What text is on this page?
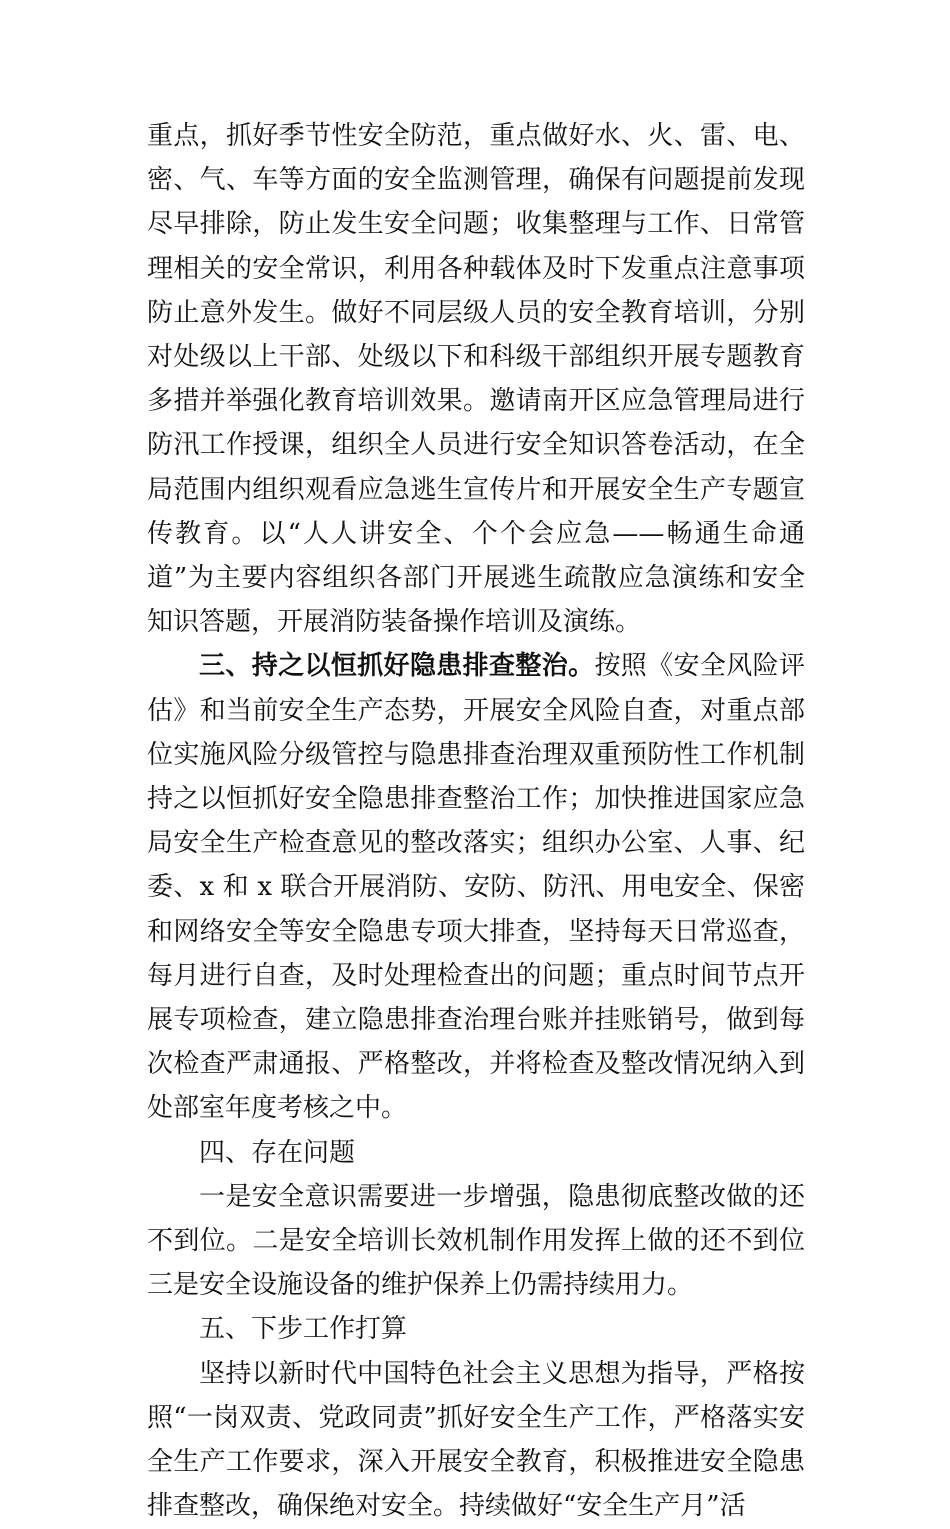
重点，抓好季节性安全防范，重点做好水、火、雷、电、密、气、车等方面的安全监测管理，确保有问题提前发现尽早排除，防止发生安全问题；收集整理与工作、日常管理相关的安全常识，利用各种载体及时下发重点注意事项防止意外发生。做好不同层级人员的安全教育培训，分别对处级以上干部、处级以下和科级干部组织开展专题教育多措并举强化教育培训效果。邀请南开区应急管理局进行防汛工作授课，组织全人员进行安全知识答卷活动，在全局范围内组织观看应急逃生宣传片和开展安全生产专题宣传教育。以“人人讲安全、个个会应急——畅通生命通道”为主要内容组织各部门开展逃生疏散应急演练和安全知识答题，开展消防装备操作培训及演练。

三、持之以恒抓好隐患排查整治。按照《安全风险评估》和当前安全生产态势，开展安全风险自查，对重点部位实施风险分级管控与隐患排查治理双重预防性工作机制持之以恒抓好安全隐患排查整治工作；加快推进国家应急局安全生产检查意见的整改落实；组织办公室、人事、纪委、x 和 x 联合开展消防、安防、防汛、用电安全、保密和网络安全等安全隐患专项大排查，坚持每天日常巡查，每月进行自查，及时处理检查出的问题；重点时间节点开展专项检查，建立隐患排查治理台账并挂账销号，做到每次检查严肃通报、严格整改，并将检查及整改情况纳入到处部室年度考核之中。

四、存在问题

一是安全意识需要进一步增强，隐患彻底整改做的还不到位。二是安全培训长效机制作用发挥上做的还不到位三是安全设施设备的维护保养上仍需持续用力。

五、下步工作打算

坚持以新时代中国特色社会主义思想为指导，严格按照“一岗双责、党政同责”抓好安全生产工作，严格落实安全生产工作要求，深入开展安全教育，积极推进安全隐患排查整改，确保绝对安全。持续做好“安全生产月”活
